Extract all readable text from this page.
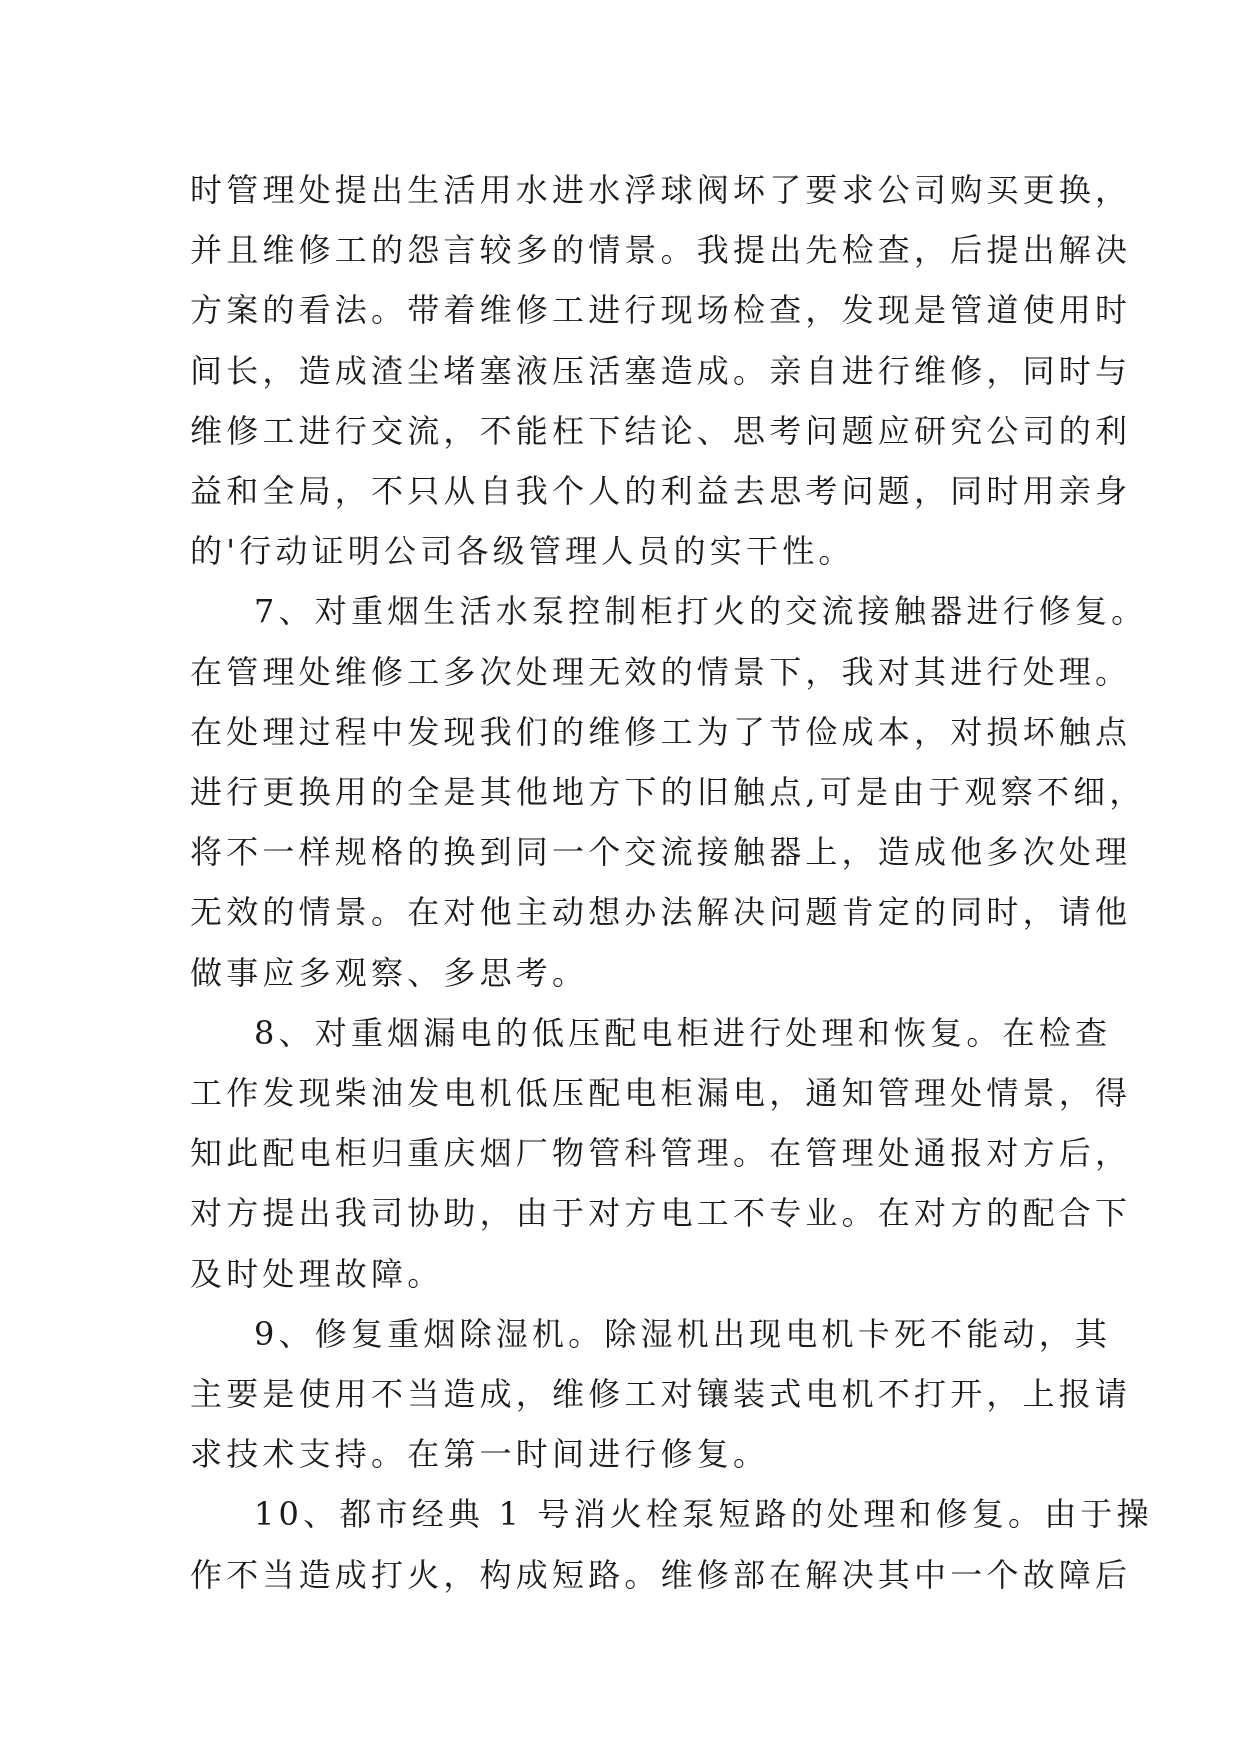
时管理处提出生活用水进水浮球阀坏了要求公司购买更换，
并且维修工的怨言较多的情景。我提出先检查，后提出解决
方案的看法。带着维修工进行现场检查，发现是管道使用时
间长，造成渣尘堵塞液压活塞造成。亲自进行维修，同时与
维修工进行交流，不能枉下结论、思考问题应研究公司的利
益和全局，不只从自我个人的利益去思考问题，同时用亲身
的'行动证明公司各级管理人员的实干性。

7、对重烟生活水泵控制柜打火的交流接触器进行修复。
在管理处维修工多次处理无效的情景下，我对其进行处理。
在处理过程中发现我们的维修工为了节俭成本，对损坏触点
进行更换用的全是其他地方下的旧触点,可是由于观察不细，
将不一样规格的换到同一个交流接触器上，造成他多次处理
无效的情景。在对他主动想办法解决问题肯定的同时，请他
做事应多观察、多思考。

8、对重烟漏电的低压配电柜进行处理和恢复。在检查
工作发现柴油发电机低压配电柜漏电，通知管理处情景，得
知此配电柜归重庆烟厂物管科管理。在管理处通报对方后，
对方提出我司协助，由于对方电工不专业。在对方的配合下
及时处理故障。

9、修复重烟除湿机。除湿机出现电机卡死不能动，其
主要是使用不当造成，维修工对镶装式电机不打开，上报请
求技术支持。在第一时间进行修复。

10、都市经典 1 号消火栓泵短路的处理和修复。由于操
作不当造成打火，构成短路。维修部在解决其中一个故障后
